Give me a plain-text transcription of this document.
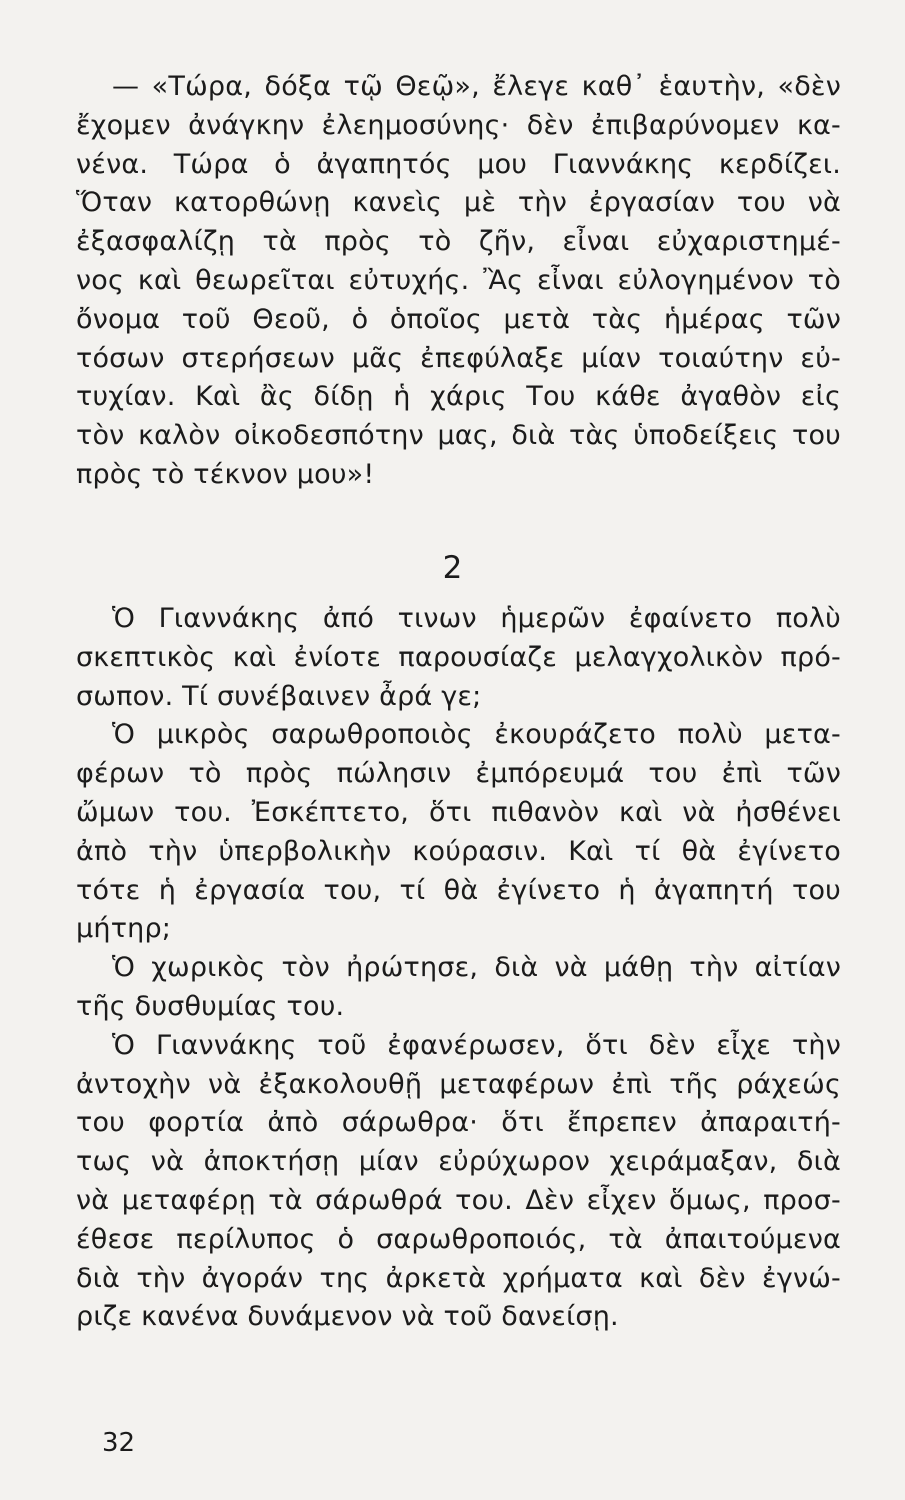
— «Τώρα, δόξα τῷ Θεῷ», ἔλεγε καθ᾽ ἑαυτὴν, «δὲν
ἔχομεν ἀνάγκην ἐλεημοσύνης· δὲν ἐπιβαρύνομεν κα-
νένα. Τώρα ὁ ἀγαπητός μου Γιαννάκης κερδίζει.
Ὅταν κατορθώνῃ κανεὶς μὲ τὴν ἐργασίαν του νὰ
ἐξασφαλίζῃ τὰ πρὸς τὸ ζῆν, εἶναι εὐχαριστημέ-
νος καὶ θεωρεῖται εὐτυχής. Ἂς εἶναι εὐλογημένον τὸ
ὄνομα τοῦ Θεοῦ, ὁ ὁποῖος μετὰ τὰς ἡμέρας τῶν
τόσων στερήσεων μᾶς ἐπεφύλαξε μίαν τοιαύτην εὐ-
τυχίαν. Καὶ ἂς δίδῃ ἡ χάρις Του κάθε ἀγαθὸν εἰς
τὸν καλὸν οἰκοδεσπότην μας, διὰ τὰς ὑποδείξεις του
πρὸς τὸ τέκνον μου»!
2
Ὁ Γιαννάκης ἀπό τινων ἡμερῶν ἐφαίνετο πολὺ
σκεπτικὸς καὶ ἐνίοτε παρουσίαζε μελαγχολικὸν πρό-
σωπον. Τί συνέβαινεν ἆρά γε;
Ὁ μικρὸς σαρωθροποιὸς ἐκουράζετο πολὺ μετα-
φέρων τὸ πρὸς πώλησιν ἐμπόρευμά του ἐπὶ τῶν
ὤμων του. Ἐσκέπτετο, ὅτι πιθανὸν καὶ νὰ ἠσθένει
ἀπὸ τὴν ὑπερβολικὴν κούρασιν. Καὶ τί θὰ ἐγίνετο
τότε ἡ ἐργασία του, τί θὰ ἐγίνετο ἡ ἀγαπητή του
μήτηρ;
Ὁ χωρικὸς τὸν ἠρώτησε, διὰ νὰ μάθῃ τὴν αἰτίαν
τῆς δυσθυμίας του.
Ὁ Γιαννάκης τοῦ ἐφανέρωσεν, ὅτι δὲν εἶχε τὴν
ἀντοχὴν νὰ ἐξακολουθῇ μεταφέρων ἐπὶ τῆς ράχεώς
του φορτία ἀπὸ σάρωθρα· ὅτι ἔπρεπεν ἀπαραιτή-
τως νὰ ἀποκτήσῃ μίαν εὐρύχωρον χειράμαξαν, διὰ
νὰ μεταφέρῃ τὰ σάρωθρά του. Δὲν εἶχεν ὅμως, προσ-
έθεσε περίλυπος ὁ σαρωθροποιός, τὰ ἀπαιτούμενα
διὰ τὴν ἀγοράν της ἀρκετὰ χρήματα καὶ δὲν ἐγνώ-
ριζε κανένα δυνάμενον νὰ τοῦ δανείσῃ.
32
